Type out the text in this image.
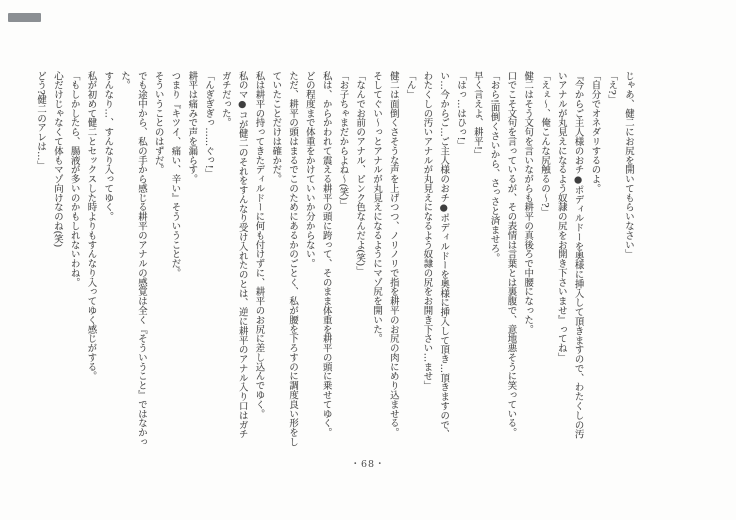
じゃあ、健二にお尻を開いてもらいなさい」

「え?」

「自分でオネダリするのよ。

『今からご主人様のおチ●ポディルドーを奥様に挿入して頂きますので、わたくしの汚いアナルが丸見えになるよう奴隷の尻をお開き下さいませ』ってね」

「えぇ〜、俺こんな尻触るの〜?」

健二はそう文句を言いながらも耕平の真後ろで中腰になった。

口でこそ文句を言っているが、その表情は言葉とは裏腹で、意地悪そうに笑っている。

「おら!面倒くさいから、さっさと済ませろ。

早く言えよ、耕平!」

「はっ…はひっ!」

い…今からご…ご主人様のおチ●ポディルドーを奥様に挿入して頂き…頂きますので、わたくしの汚いアナルが丸見えになるよう奴隷の尻をお開き下さい…ませ」

「ん」

健二は面倒くさそうな声を上げつつ、ノリノリで指を耕平のお尻の肉にめり込ませる。

そしてぐい〜っとアナルが丸見えになるようにマゾ尻を開いた。

「なんでお前のアナル、ピンク色なんだよ(笑)」

「お子ちゃまだからよね〜(笑)」

私は、からかわれて震える耕平の頭に跨って、そのまま体重を耕平の頭に乗せてゆく。

どの程度まで体重をかけていいか分からない。

ただ、耕平の頭はまるでこのためにあるかのごとく、私が腰を下ろすのに調度良い形をしていたことだけは確かだ。

私は耕平の持ってきたディルドーに何も付けずに、耕平のお尻に差し込んでゆく。

私のマ●コが健二のそれをすんなり受け入れたのとは、逆に耕平のアナル入り口はガチガチだった。

「んぎぎぎっ……ぐっ!」

耕平は痛みで声を漏らす。

つまり『キツイ、痛い、辛い』そういうことだ。

そういうことのはずだ。

でも途中から、私の手から感じる耕平のアナルの感覚は全く『そういうこと』ではなかった。

すんなり…、すんなり入ってゆく。

私が初めて健二とセックスした時よりもすんなり入ってゆく感じがする。

「もしかしたら、腸液が多いのかもしれないわね。

心だけじゃなくて体もマゾ向けなのね(笑)

どう?健二のアレは…」

・68・
